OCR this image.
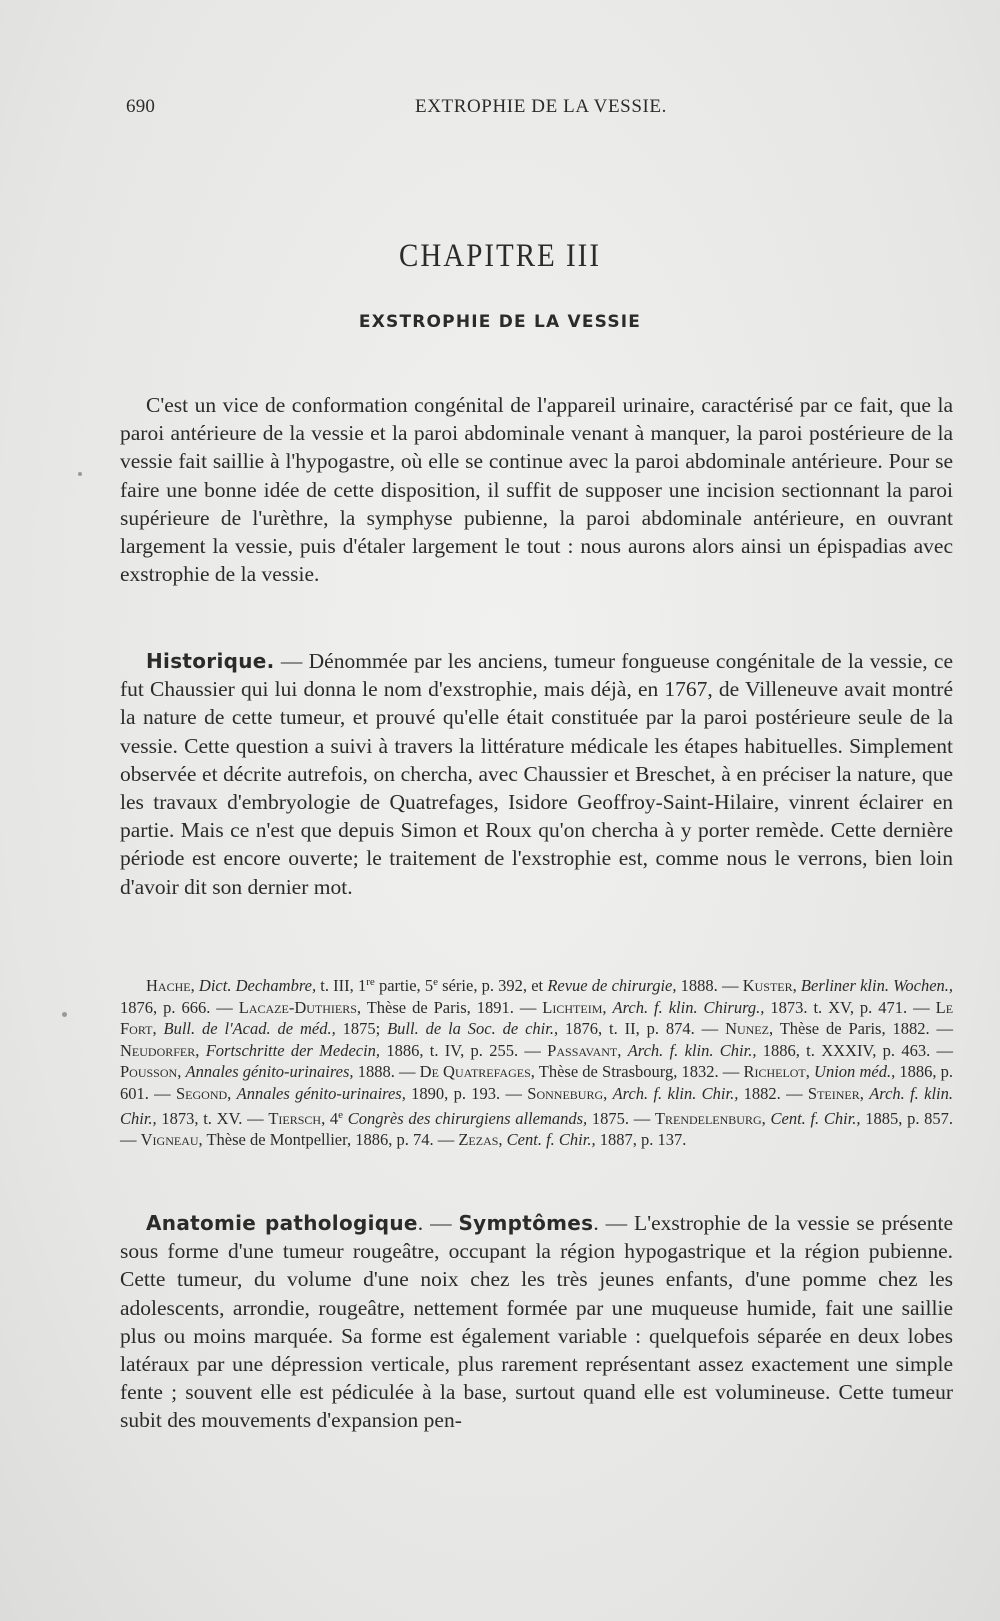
690	EXTROPHIE DE LA VESSIE.
CHAPITRE III
EXSTROPHIE DE LA VESSIE
C'est un vice de conformation congénital de l'appareil urinaire, caractérisé par ce fait, que la paroi antérieure de la vessie et la paroi abdominale venant à manquer, la paroi postérieure de la vessie fait saillie à l'hypogastre, où elle se continue avec la paroi abdominale antérieure. Pour se faire une bonne idée de cette disposition, il suffit de supposer une incision sectionnant la paroi supérieure de l'urèthre, la symphyse pubienne, la paroi abdominale antérieure, en ouvrant largement la vessie, puis d'étaler largement le tout : nous aurons alors ainsi un épispadias avec exstrophie de la vessie.
Historique. — Dénommée par les anciens, tumeur fongueuse congénitale de la vessie, ce fut Chaussier qui lui donna le nom d'exstrophie, mais déjà, en 1767, de Villeneuve avait montré la nature de cette tumeur, et prouvé qu'elle était constituée par la paroi postérieure seule de la vessie. Cette question a suivi à travers la littérature médicale les étapes habituelles. Simplement observée et décrite autrefois, on chercha, avec Chaussier et Breschet, à en préciser la nature, que les travaux d'embryologie de Quatrefages, Isidore Geoffroy-Saint-Hilaire, vinrent éclairer en partie. Mais ce n'est que depuis Simon et Roux qu'on chercha à y porter remède. Cette dernière période est encore ouverte; le traitement de l'exstrophie est, comme nous le verrons, bien loin d'avoir dit son dernier mot.
Hache, Dict. Dechambre, t. III, 1re partie, 5e série, p. 392, et Revue de chirurgie, 1888. — Kuster, Berliner klin. Wochen., 1876, p. 666. — Lacaze-Duthiers, Thèse de Paris, 1891. — Lichteim, Arch. f. klin. Chirurg., 1873. t. XV, p. 471. — Le Fort, Bull. de l'Acad. de méd., 1875; Bull. de la Soc. de chir., 1876, t. II, p. 874. — Nunez, Thèse de Paris, 1882. — Neudorfer, Fortschritte der Medecin, 1886, t. IV, p. 255. — Passavant, Arch. f. klin. Chir., 1886, t. XXXIV, p. 463. — Pousson, Annales génito-urinaires, 1888. — De Quatrefages, Thèse de Strasbourg, 1832. — Richelot, Union méd., 1886, p. 601. — Segond, Annales génito-urinaires, 1890, p. 193. — Sonneburg, Arch. f. klin. Chir., 1882. — Steiner, Arch. f. klin. Chir., 1873, t. XV. — Tiersch, 4e Congrès des chirurgiens allemands, 1875. — Trendelenburg, Cent. f. Chir., 1885, p. 857. — Vigneau, Thèse de Montpellier, 1886, p. 74. — Zezas, Cent. f. Chir., 1887, p. 137.
Anatomie pathologique. — Symptômes. — L'exstrophie de la vessie se présente sous forme d'une tumeur rougeâtre, occupant la région hypogastrique et la région pubienne. Cette tumeur, du volume d'une noix chez les très jeunes enfants, d'une pomme chez les adolescents, arrondie, rougeâtre, nettement formée par une muqueuse humide, fait une saillie plus ou moins marquée. Sa forme est également variable : quelquefois séparée en deux lobes latéraux par une dépression verticale, plus rarement représentant assez exactement une simple fente ; souvent elle est pédiculée à la base, surtout quand elle est volumineuse. Cette tumeur subit des mouvements d'expansion pen-
